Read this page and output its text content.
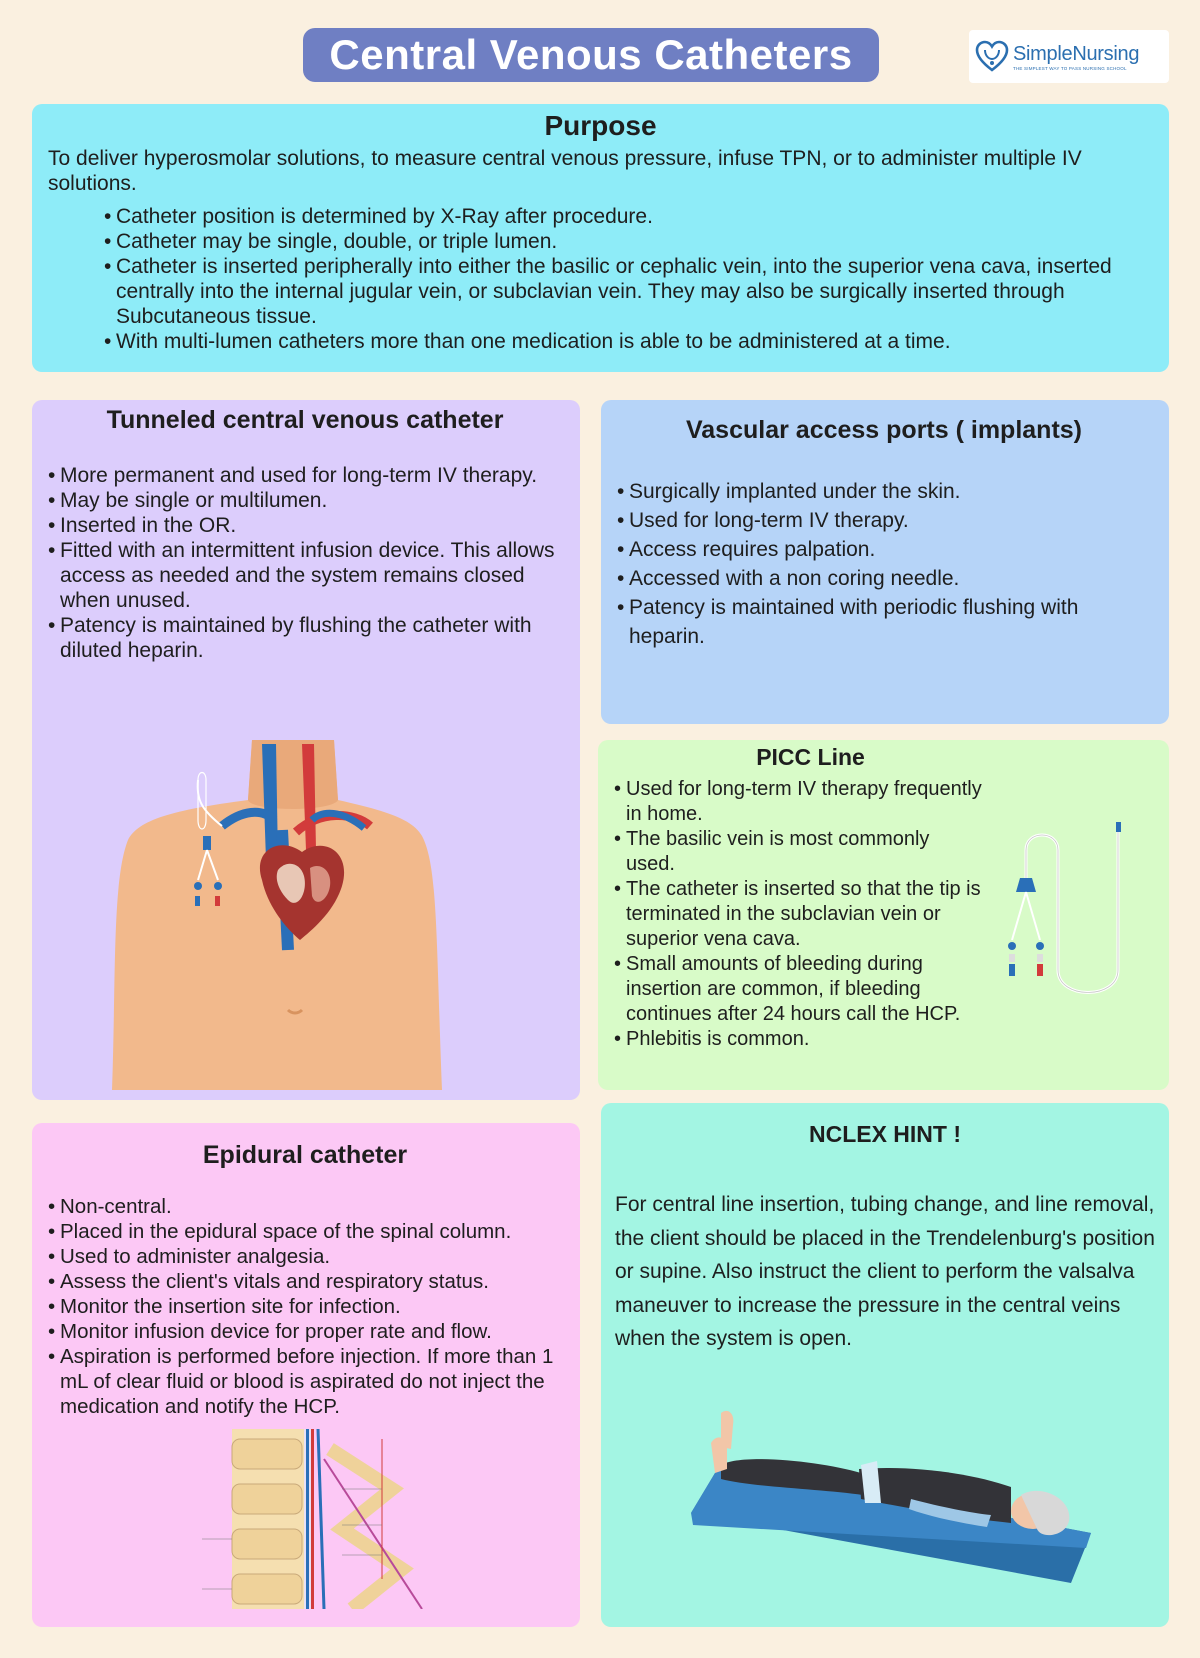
Central Venous Catheters	SimpleNursing
THE SIMPLEST WAY TO PASS NURSING SCHOOL
Purpose

To deliver hyperosmolar solutions, to measure central venous pressure, infuse TPN, or to administer multiple IV solutions.

• Catheter position is determined by X-Ray after procedure.
• Catheter may be single, double, or triple lumen.
• Catheter is inserted peripherally into either the basilic or cephalic vein, into the superior vena cava, inserted centrally into the internal jugular vein, or subclavian vein. They may also be surgically inserted through Subcutaneous tissue.
• With multi-lumen catheters more than one medication is able to be administered at a time.
Tunneled central venous catheter
• More permanent and used for long-term IV therapy.
• May be single or multilumen.
• Inserted in the OR.
• Fitted with an intermittent infusion device. This allows access as needed and the system remains closed when unused.
• Patency is maintained by flushing the catheter with diluted heparin.
Vascular access ports ( implants)
• Surgically implanted under the skin.
• Used for long-term IV therapy.
• Access requires palpation.
• Accessed with a non coring needle.
• Patency is maintained with periodic flushing with heparin.
PICC Line
• Used for long-term IV therapy frequently in home.
• The basilic vein is most commonly used.
• The catheter is inserted so that the tip is terminated in the subclavian vein or superior vena cava.
• Small amounts of bleeding during insertion are common, if bleeding continues after 24 hours call the HCP.
• Phlebitis is common.
Epidural catheter
• Non-central.
• Placed in the epidural space of the spinal column.
• Used to administer analgesia.
• Assess the client's vitals and respiratory status.
• Monitor the insertion site for infection.
• Monitor infusion device for proper rate and flow.
• Aspiration is performed before injection. If more than 1 mL of clear fluid or blood is aspirated do not inject the medication and notify the HCP.
NCLEX HINT !

For central line insertion, tubing change, and line removal, the client should be placed in the Trendelenburg's position or supine. Also instruct the client to perform the valsalva maneuver to increase the pressure in the central veins when the system is open.
